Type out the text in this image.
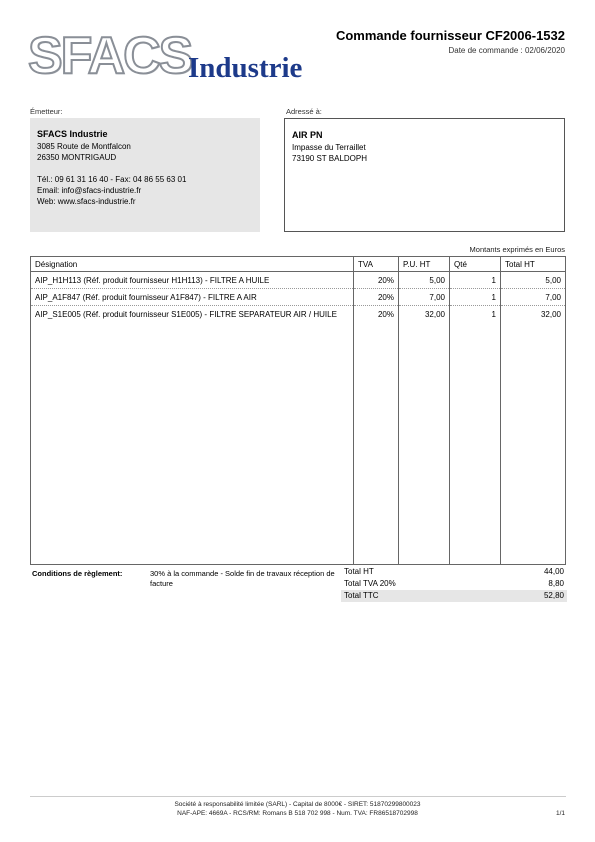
SFACS
Industrie
Commande fournisseur CF2006-1532
Date de commande : 02/06/2020
Émetteur:	Adressé à:
SFACS Industrie
3085 Route de Montfalcon
26350 MONTRIGAUD
Tél.: 09 61 31 16 40 - Fax: 04 86 55 63 01
Email: info@sfacs-industrie.fr
Web: www.sfacs-industrie.fr
AIR PN
Impasse du Terraillet
73190 ST BALDOPH
Montants exprimés en Euros
Désignation	TVA	P.U. HT	Qté	Total HT
AIP_H1H113 (Réf. produit fournisseur H1H113) - FILTRE A HUILE	20%	5,00	1	5,00
AIP_A1F847 (Réf. produit fournisseur A1F847) - FILTRE A AIR	20%	7,00	1	7,00
AIP_S1E005 (Réf. produit fournisseur S1E005) - FILTRE SEPARATEUR AIR / HUILE	20%	32,00	1	32,00
Conditions de règlement:	30% à la commande - Solde fin de travaux réception de facture
Total HT	44,00
Total TVA 20%	8,80
Total TTC	52,80
Société à responsabilité limitée (SARL) - Capital de 8000€ - SIRET: 51870299800023
NAF-APE: 4669A - RCS/RM: Romans B 518 702 998 - Num. TVA: FR86518702998	1/1
